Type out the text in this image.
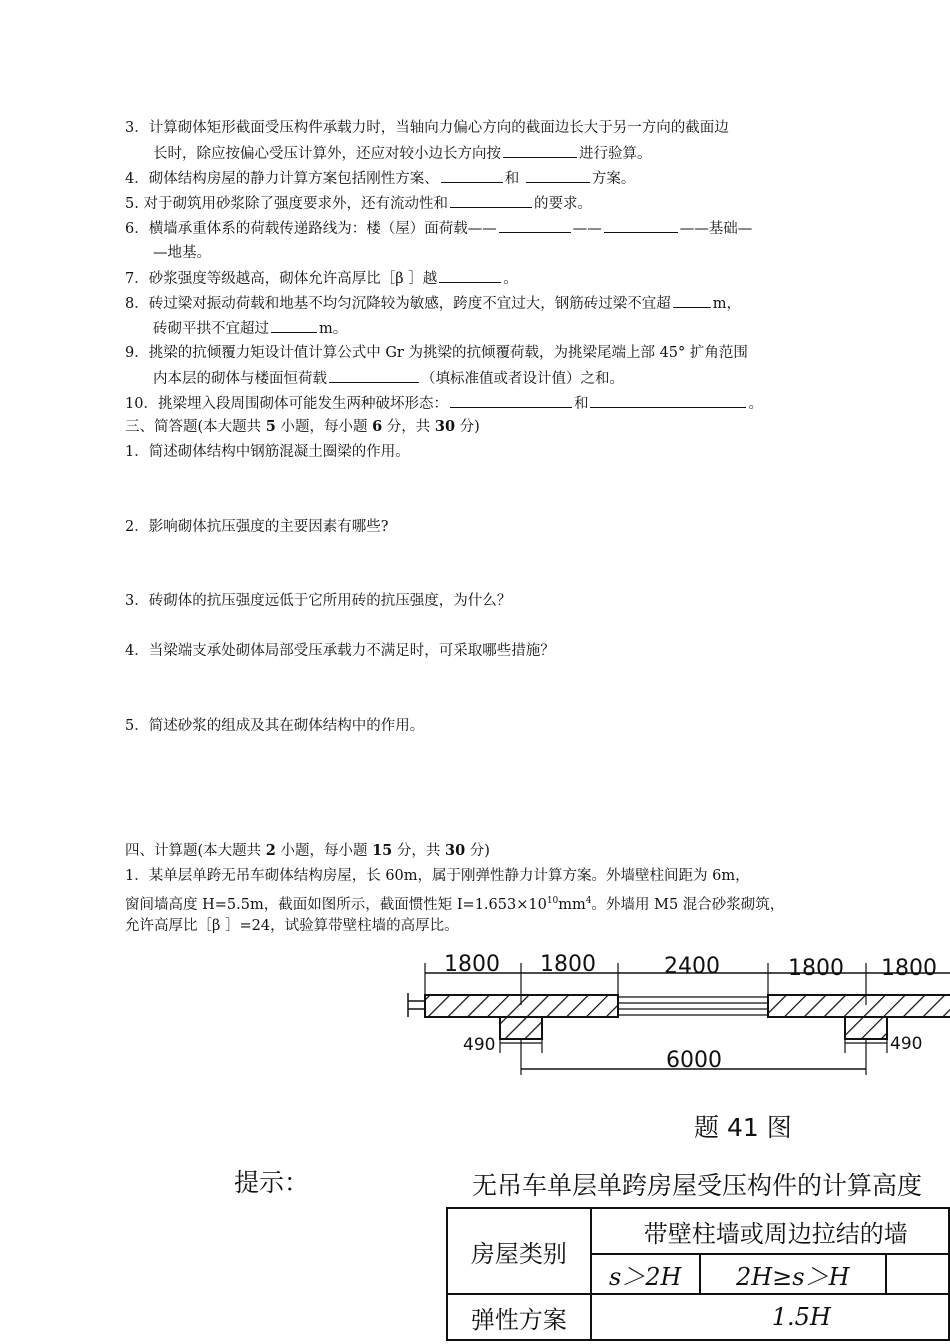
3．计算砌体矩形截面受压构件承载力时，当轴向力偏心方向的截面边长大于另一方向的截面边
长时，除应按偏心受压计算外，还应对较小边长方向按	进行验算。
4．砌体结构房屋的静力计算方案包括刚性方案、	和	方案。
5. 对于砌筑用砂浆除了强度要求外，还有流动性和	的要求。
6．横墙承重体系的荷载传递路线为：楼（屋）面荷载——	——	——基础—
—地基。
7．砂浆强度等级越高，砌体允许高厚比［β ］越	。
8．砖过梁对振动荷载和地基不均匀沉降较为敏感，跨度不宜过大，钢筋砖过梁不宜超	m，
砖砌平拱不宜超过	m。
9．挑梁的抗倾覆力矩设计值计算公式中 Gr 为挑梁的抗倾覆荷载，为挑梁尾端上部 45° 扩角范围
内本层的砌体与楼面恒荷载	（填标准值或者设计值）之和。
10．挑梁埋入段周围砌体可能发生两种破坏形态：	和	。
三、简答题(本大题共 5 小题，每小题 6 分，共 30 分)
1．简述砌体结构中钢筋混凝土圈梁的作用。
2．影响砌体抗压强度的主要因素有哪些?
3．砖砌体的抗压强度远低于它所用砖的抗压强度，为什么？
4．当梁端支承处砌体局部受压承载力不满足时，可采取哪些措施？
5．简述砂浆的组成及其在砌体结构中的作用。
四、计算题(本大题共 2 小题，每小题 15 分，共 30 分)
1．某单层单跨无吊车砌体结构房屋，长 60m，属于刚弹性静力计算方案。外墙壁柱间距为 6m，
窗间墙高度 H=5.5m，截面如图所示，截面惯性矩 $I=1.653\times 10^{10}mm^4$。外墙用 M5 混合砂浆砌筑，
允许高厚比［β ］=24，试验算带壁柱墙的高厚比。
1800 1800	2400	1800 1800
490	490
6000
题 41 图
提示：	无吊车单层单跨房屋受压构件的计算高度
房屋类别	带壁柱墙或周边拉结的墙		
	s＞2H	2H≥s＞H	
弹性方案	1.5H		
